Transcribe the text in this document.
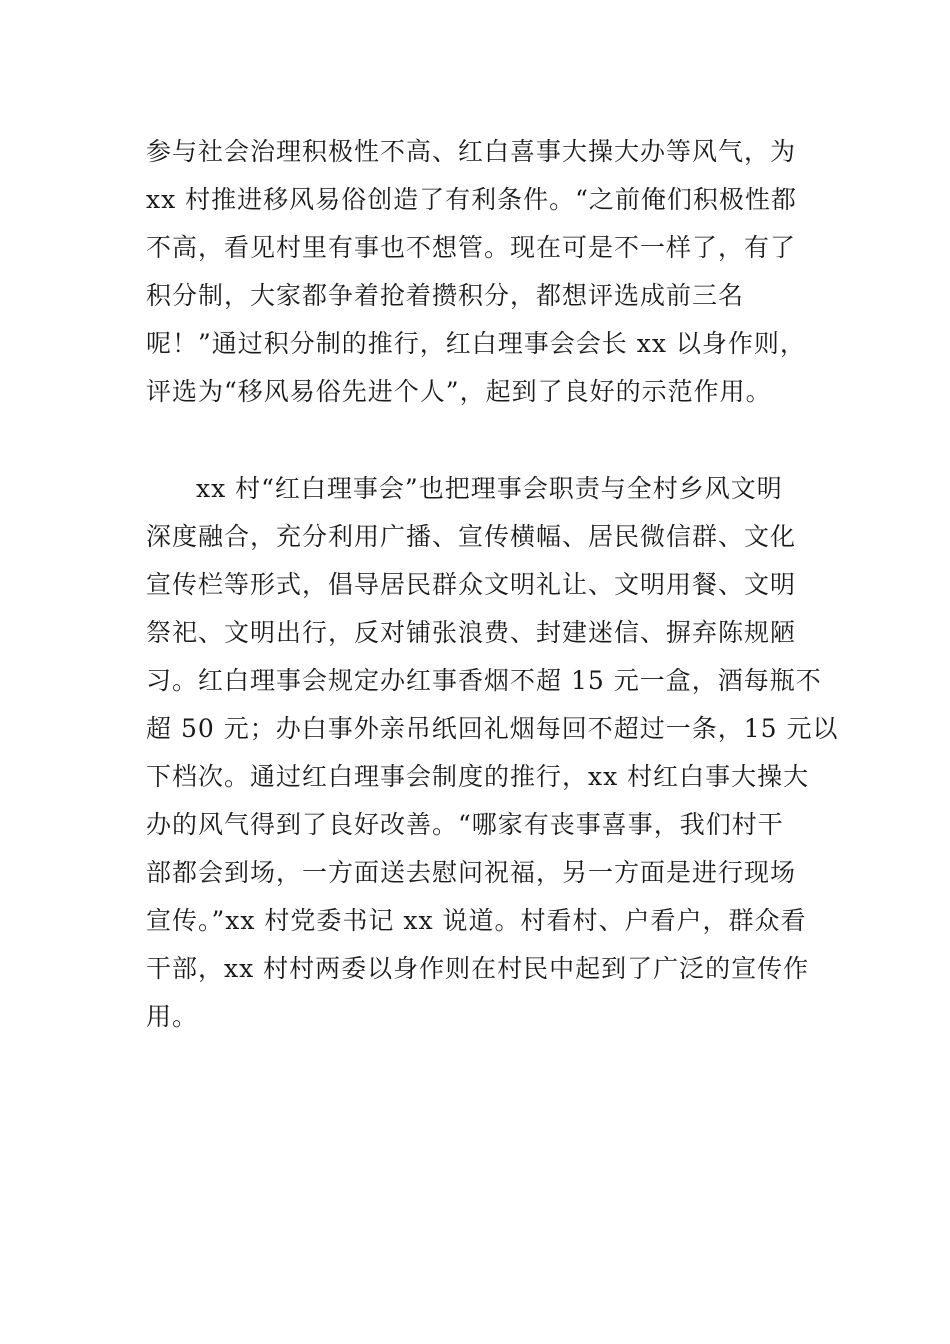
参与社会治理积极性不高、红白喜事大操大办等风气，为
xx 村推进移风易俗创造了有利条件。“之前俺们积极性都
不高，看见村里有事也不想管。现在可是不一样了，有了
积分制，大家都争着抢着攒积分，都想评选成前三名
呢！”通过积分制的推行，红白理事会会长 xx 以身作则，
评选为“移风易俗先进个人”，起到了良好的示范作用。
xx 村“红白理事会”也把理事会职责与全村乡风文明
深度融合，充分利用广播、宣传横幅、居民微信群、文化
宣传栏等形式，倡导居民群众文明礼让、文明用餐、文明
祭祀、文明出行，反对铺张浪费、封建迷信、摒弃陈规陋
习。红白理事会规定办红事香烟不超 15 元一盒，酒每瓶不
超 50 元；办白事外亲吊纸回礼烟每回不超过一条，15 元以
下档次。通过红白理事会制度的推行，xx 村红白事大操大
办的风气得到了良好改善。“哪家有丧事喜事，我们村干
部都会到场，一方面送去慰问祝福，另一方面是进行现场
宣传。”xx 村党委书记 xx 说道。村看村、户看户，群众看
干部，xx 村村两委以身作则在村民中起到了广泛的宣传作
用。
